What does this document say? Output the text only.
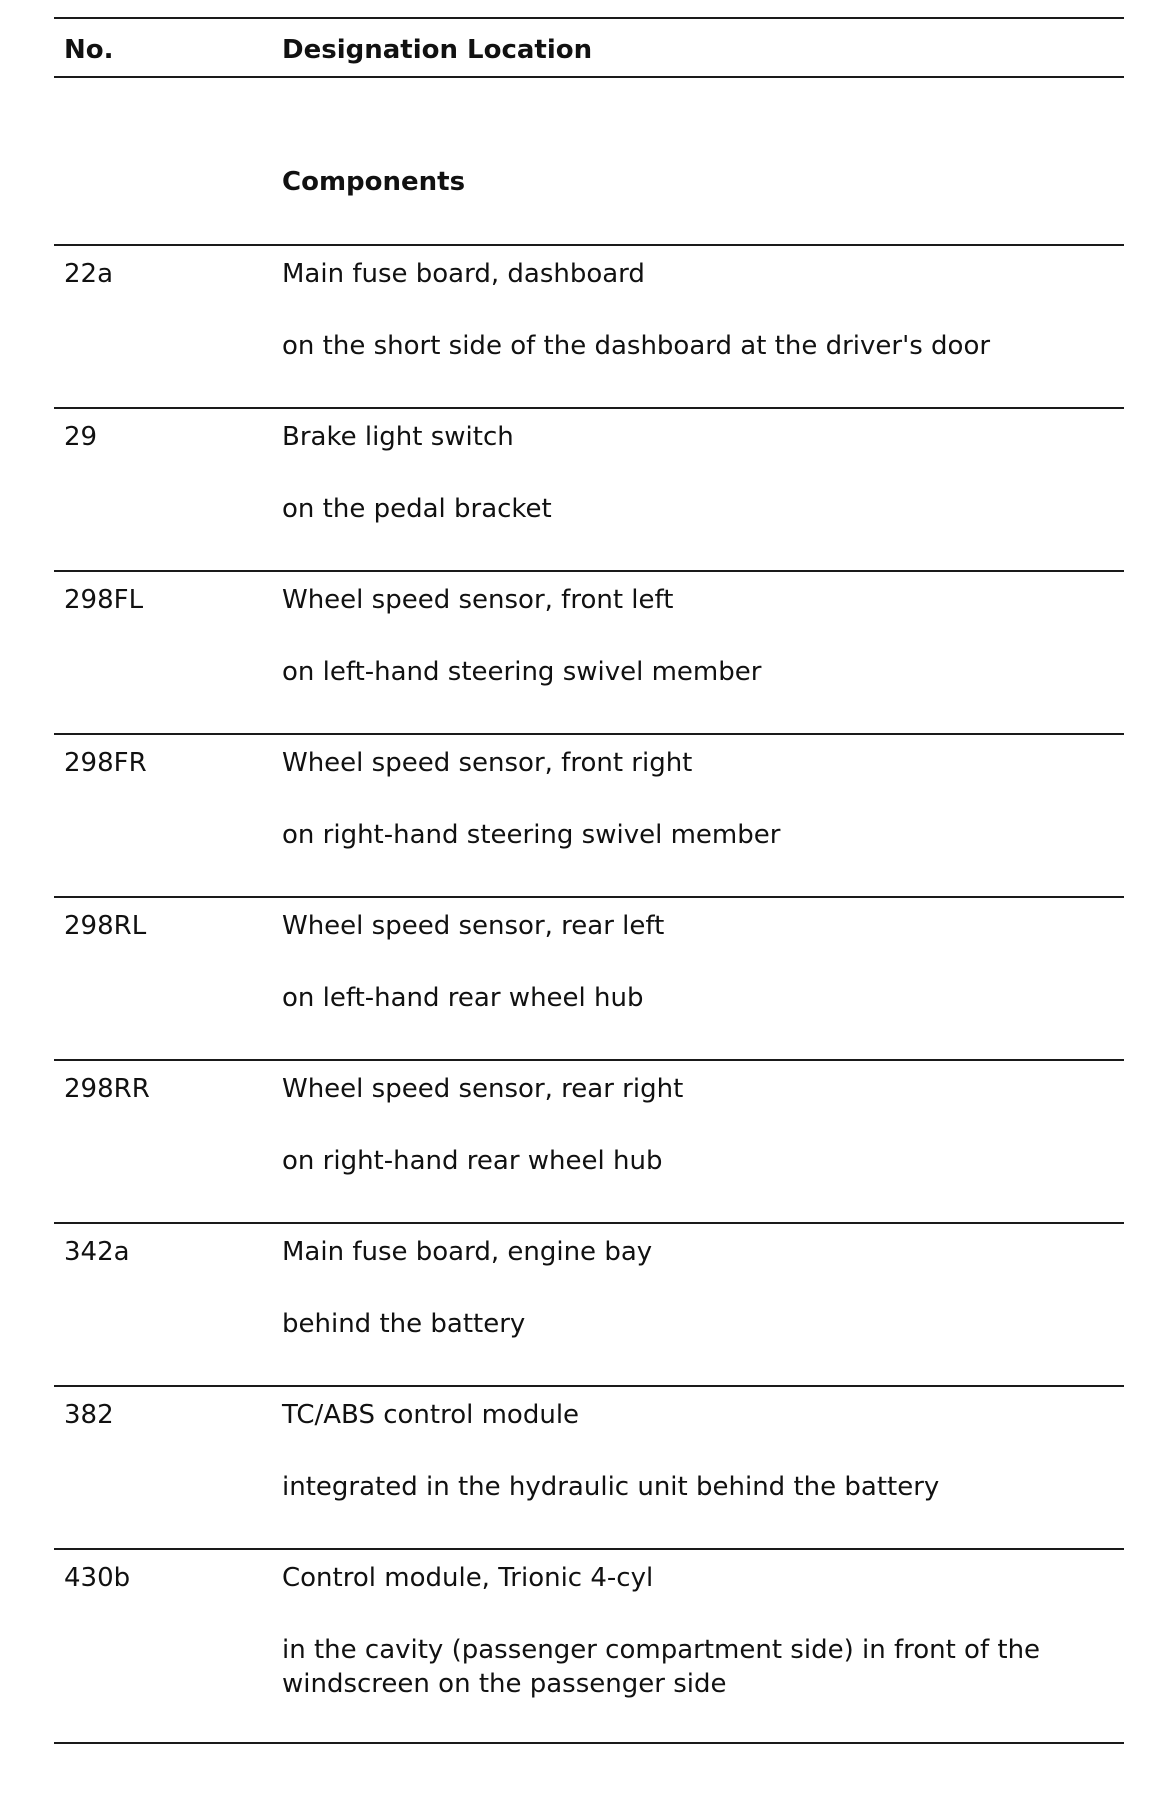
No.	Designation Location
Components
22a	Main fuse board, dashboard
on the short side of the dashboard at the driver's door
29	Brake light switch
on the pedal bracket
298FL	Wheel speed sensor, front left
on left-hand steering swivel member
298FR	Wheel speed sensor, front right
on right-hand steering swivel member
298RL	Wheel speed sensor, rear left
on left-hand rear wheel hub
298RR	Wheel speed sensor, rear right
on right-hand rear wheel hub
342a	Main fuse board, engine bay
behind the battery
382	TC/ABS control module
integrated in the hydraulic unit behind the battery
430b	Control module, Trionic 4-cyl
in the cavity (passenger compartment side) in front of the windscreen on the passenger side
